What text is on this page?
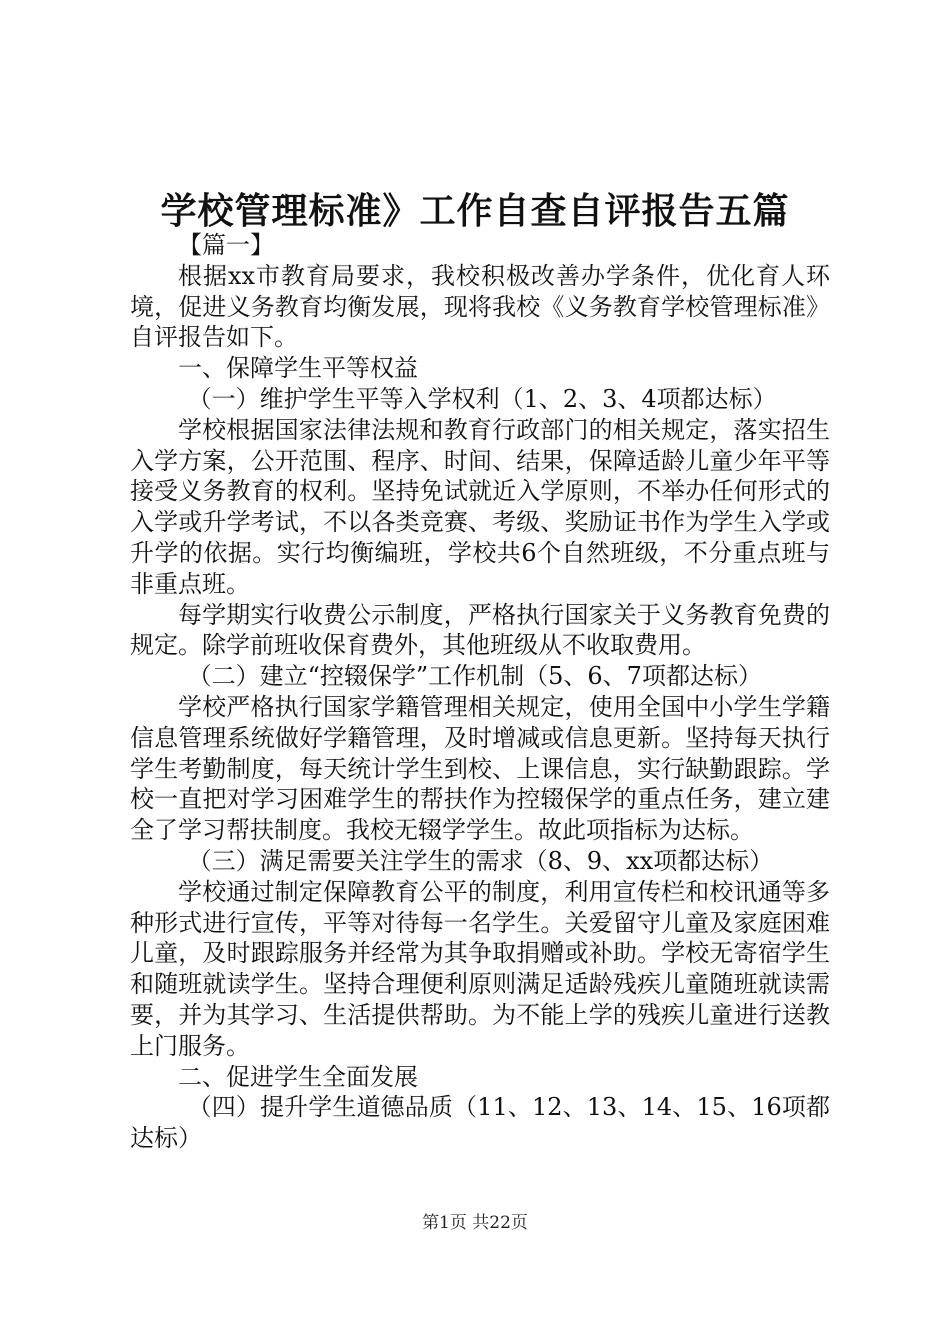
学校管理标准》工作自查自评报告五篇

【篇一】

根据xx市教育局要求，我校积极改善办学条件，优化育人环境，促进义务教育均衡发展，现将我校《义务教育学校管理标准》自评报告如下。

一、保障学生平等权益

（一）维护学生平等入学权利（1、2、3、4项都达标）

学校根据国家法律法规和教育行政部门的相关规定，落实招生入学方案，公开范围、程序、时间、结果，保障适龄儿童少年平等接受义务教育的权利。坚持免试就近入学原则，不举办任何形式的入学或升学考试，不以各类竞赛、考级、奖励证书作为学生入学或升学的依据。实行均衡编班，学校共6个自然班级，不分重点班与非重点班。

每学期实行收费公示制度，严格执行国家关于义务教育免费的规定。除学前班收保育费外，其他班级从不收取费用。

（二）建立“控辍保学”工作机制（5、6、7项都达标）

学校严格执行国家学籍管理相关规定，使用全国中小学生学籍信息管理系统做好学籍管理，及时增减或信息更新。坚持每天执行学生考勤制度，每天统计学生到校、上课信息，实行缺勤跟踪。学校一直把对学习困难学生的帮扶作为控辍保学的重点任务，建立建全了学习帮扶制度。我校无辍学学生。故此项指标为达标。

（三）满足需要关注学生的需求（8、9、xx项都达标）

学校通过制定保障教育公平的制度，利用宣传栏和校讯通等多种形式进行宣传，平等对待每一名学生。关爱留守儿童及家庭困难儿童，及时跟踪服务并经常为其争取捐赠或补助。学校无寄宿学生和随班就读学生。坚持合理便利原则满足适龄残疾儿童随班就读需要，并为其学习、生活提供帮助。为不能上学的残疾儿童进行送教上门服务。

二、促进学生全面发展

（四）提升学生道德品质（11、12、13、14、15、16项都达标）

第1页 共22页
